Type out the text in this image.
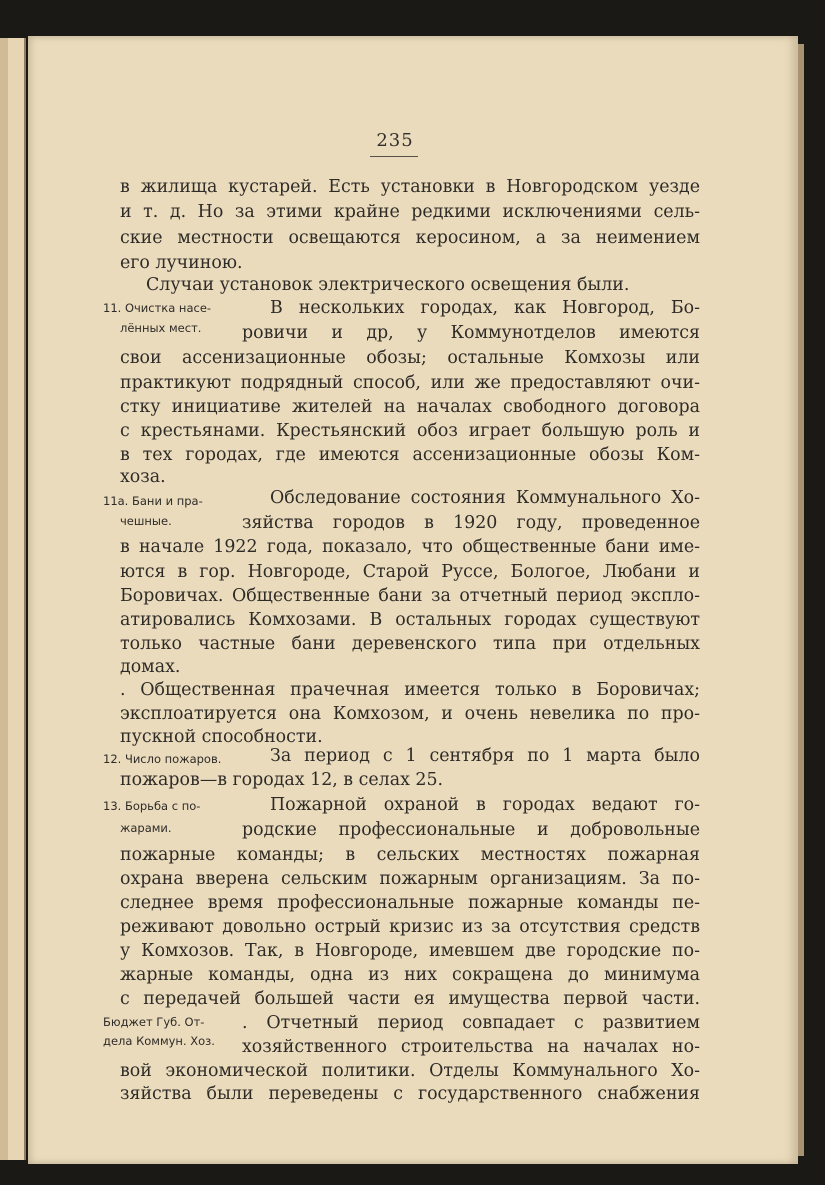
235
в жилища кустарей. Есть установки в Новгородском уезде
и т. д. Но за этими крайне редкими исключениями сель-
ские местности освещаются керосином, а за неимением
его лучиною.
Случаи установок электрического освещения были.
11. Очистка насе-
лённых мест.
В нескольких городах, как Новгород, Бо-
ровичи и др, у Коммунотделов имеются
свои ассенизационные обозы; остальные Комхозы или
практикуют подрядный способ, или же предоставляют очи-
стку инициативе жителей на началах свободного договора
с крестьянами. Крестьянский обоз играет большую роль и
в тех городах, где имеются ассенизационные обозы Ком-
хоза.
11а. Бани и пра-
чешные.
Обследование состояния Коммунального Хо-
зяйства городов в 1920 году, проведенное
в начале 1922 года, показало, что общественные бани име-
ются в гор. Новгороде, Старой Руссе, Бологое, Любани и
Боровичах. Общественные бани за отчетный период экспло-
атировались Комхозами. В остальных городах существуют
только частные бани деревенского типа при отдельных
домах.
. Общественная прачечная имеется только в Боровичах;
эксплоатируется она Комхозом, и очень невелика по про-
пускной способности.
12. Число пожаров.	За период с 1 сентября по 1 марта было
пожаров—в городах 12, в селах 25.
13. Борьба с по-
жарами.
Пожарной охраной в городах ведают го-
родские профессиональные и добровольные
пожарные команды; в сельских местностях пожарная
охрана вверена сельским пожарным организациям. За по-
следнее время профессиональные пожарные команды пе-
реживают довольно острый кризис из за отсутствия средств
у Комхозов. Так, в Новгороде, имевшем две городские по-
жарные команды, одна из них сокращена до минимума
с передачей большей части ея имущества первой части.
Бюджет Губ. От-
дела Коммун. Хоз.
. Отчетный период совпадает с развитием
хозяйственного строительства на началах но-
вой экономической политики. Отделы Коммунального Хо-
зяйства были переведены с государственного снабжения
